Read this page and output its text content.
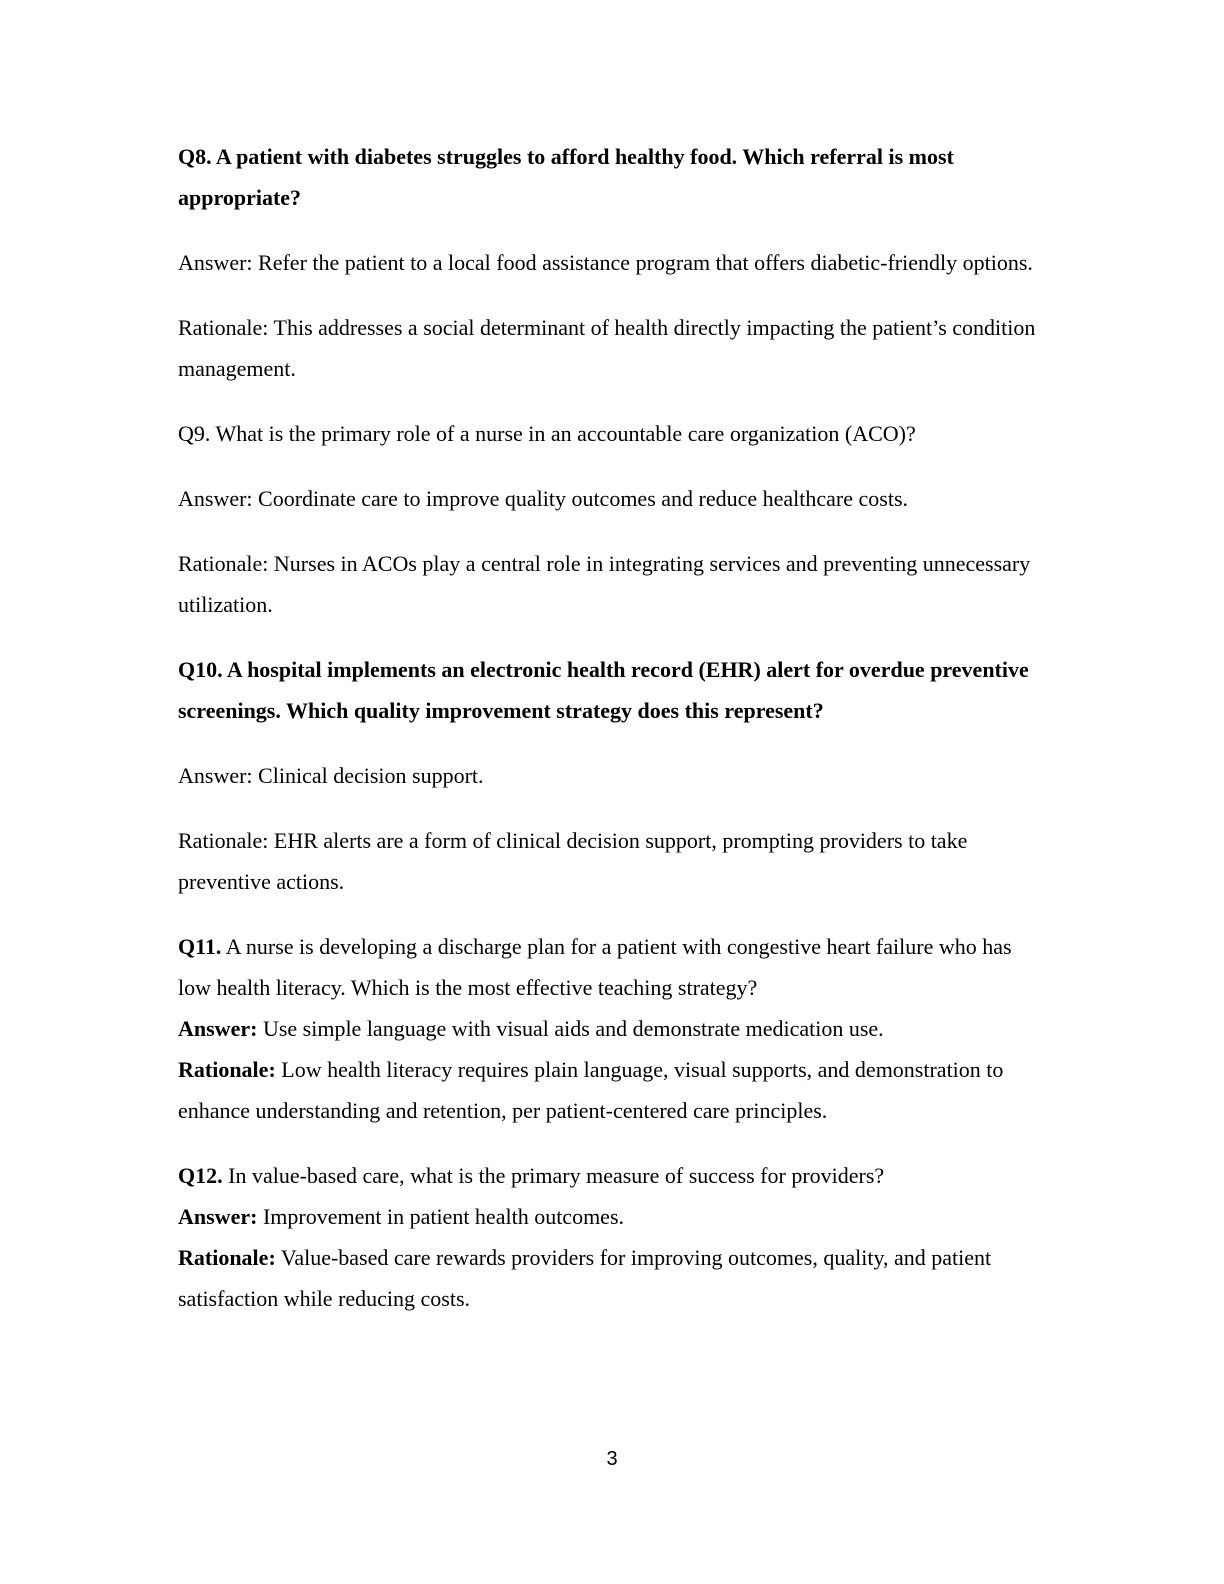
Q8. A patient with diabetes struggles to afford healthy food. Which referral is most appropriate?

Answer: Refer the patient to a local food assistance program that offers diabetic-friendly options.

Rationale: This addresses a social determinant of health directly impacting the patient’s condition management.

Q9. What is the primary role of a nurse in an accountable care organization (ACO)?

Answer: Coordinate care to improve quality outcomes and reduce healthcare costs.

Rationale: Nurses in ACOs play a central role in integrating services and preventing unnecessary utilization.

Q10. A hospital implements an electronic health record (EHR) alert for overdue preventive screenings. Which quality improvement strategy does this represent?

Answer: Clinical decision support.

Rationale: EHR alerts are a form of clinical decision support, prompting providers to take preventive actions.

Q11. A nurse is developing a discharge plan for a patient with congestive heart failure who has low health literacy. Which is the most effective teaching strategy?

Answer: Use simple language with visual aids and demonstrate medication use.

Rationale: Low health literacy requires plain language, visual supports, and demonstration to enhance understanding and retention, per patient-centered care principles.

Q12. In value-based care, what is the primary measure of success for providers?

Answer: Improvement in patient health outcomes.

Rationale: Value-based care rewards providers for improving outcomes, quality, and patient satisfaction while reducing costs.

3
